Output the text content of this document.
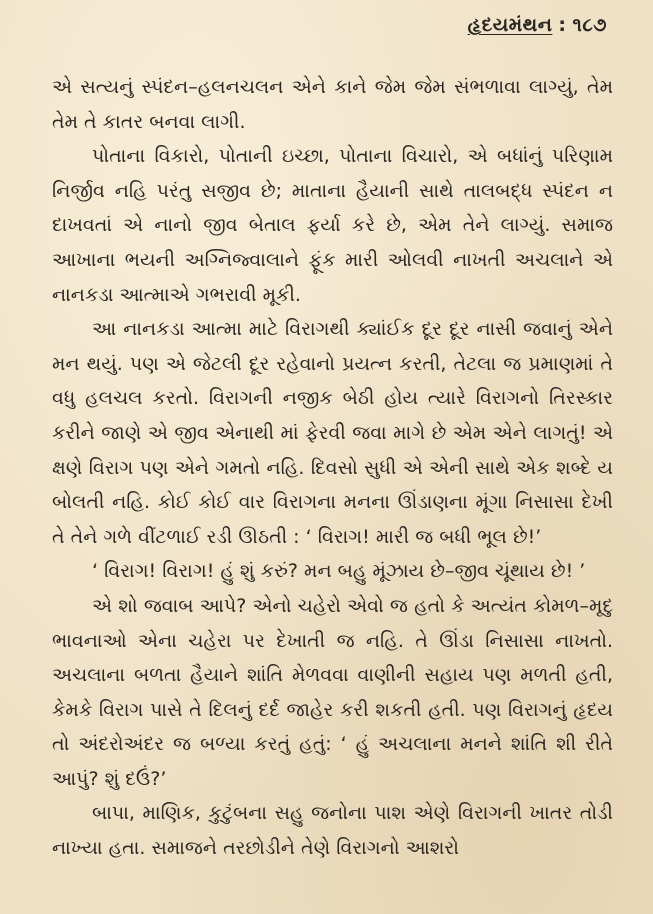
હૃદયમંથન : ૧૮૭

એ સત્યનું સ્પંદન–હલનચલન એને કાને જેમ જેમ સંભળાવા લાગ્યું, તેમ તેમ તે કાતર બનવા લાગી.

પોતાના વિકારો, પોતાની ઇચ્છા, પોતાના વિચારો, એ બધાંનું પરિણામ નિર્જીવ નહિ પરંતુ સજીવ છે; માતાના હૈયાની સાથે તાલબદ્ધ સ્પંદન ન દાખવતાં એ નાનો જીવ બેતાલ ફર્યા કરે છે, એમ તેને લાગ્યું. સમાજ આખાના ભયની અગ્નિજ્વાલાને ફૂંક મારી ઓલવી નાખતી અચલાને એ નાનકડા આત્માએ ગભરાવી મૂકી.

આ નાનકડા આત્મા માટે વિરાગથી ક્યાંઈક દૂર દૂર નાસી જવાનું એને મન થયું. પણ એ જેટલી દૂર રહેવાનો પ્રયત્ન કરતી, તેટલા જ પ્રમાણમાં તે વધુ હલચલ કરતો. વિરાગની નજીક બેઠી હોય ત્યારે વિરાગનો તિરસ્કાર કરીને જાણે એ જીવ એનાથી માં ફેરવી જવા માગે છે એમ એને લાગતું! એ ક્ષણે વિરાગ પણ એને ગમતો નહિ. દિવસો સુધી એ એની સાથે એક શબ્દે ય બોલતી નહિ. કોઈ કોઈ વાર વિરાગના મનના ઊંડાણના મૂંગા નિસાસા દેખી તે તેને ગળે વીંટળાઈ રડી ઊઠતી : ‘ વિરાગ! મારી જ બધી ભૂલ છે!’

‘ વિરાગ! વિરાગ! હું શું કરું? મન બહુ મૂંઝાય છે–જીવ ચૂંથાય છે! ’

એ શો જવાબ આપે? એનો ચહેરો એવો જ હતો કે અત્યંત કોમળ–મૃદુ ભાવનાઓ એના ચહેરા પર દેખાતી જ નહિ. તે ઊંડા નિસાસા નાખતો. અચલાના બળતા હૈયાને શાંતિ મેળવવા વાણીની સહાય પણ મળતી હતી, કેમકે વિરાગ પાસે તે દિલનું દર્દ જાહેર કરી શકતી હતી. પણ વિરાગનું હૃદય તો અંદરોઅંદર જ બળ્યા કરતું હતું: ‘ હું અચલાના મનને શાંતિ શી રીતે આપું? શું દઉં?’

બાપા, માણિક, કુટુંબના સહુ જનોના પાશ એણે વિરાગની ખાતર તોડી નાખ્યા હતા. સમાજને તરછોડીને તેણે વિરાગનો આશરો
